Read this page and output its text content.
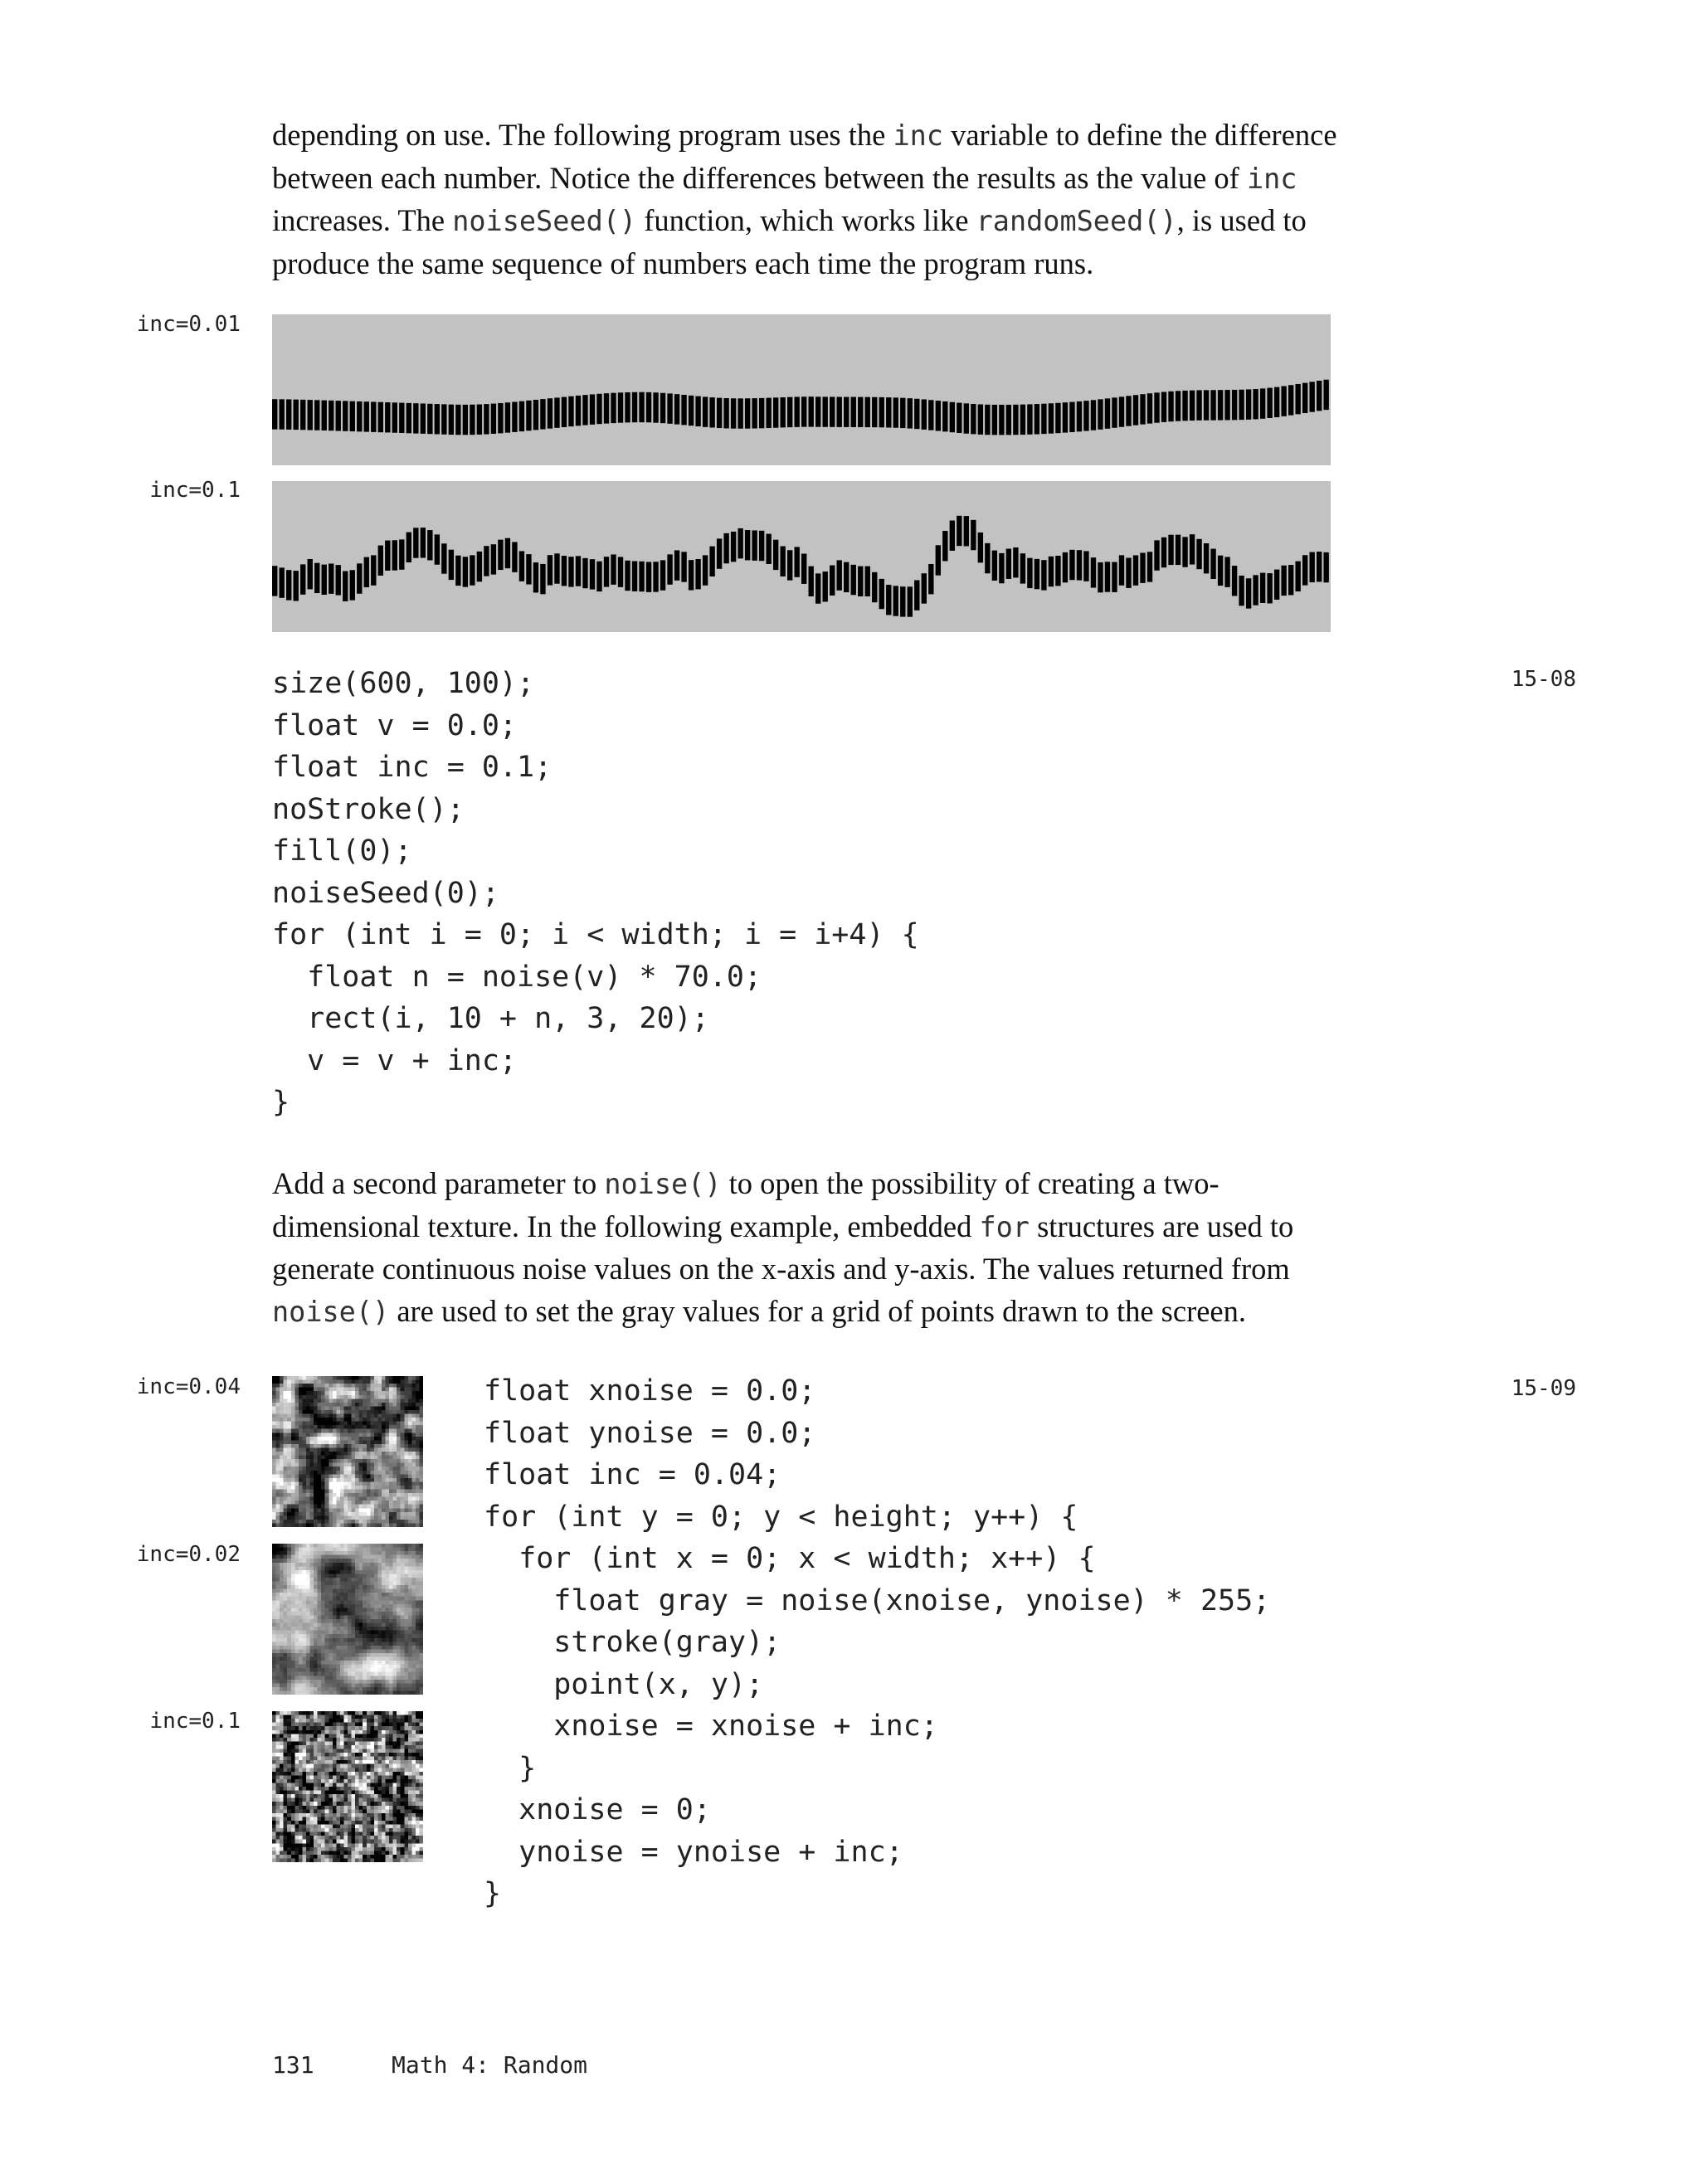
depending on use. The following program uses the inc variable to define the difference
between each number. Notice the differences between the results as the value of inc
increases. The noiseSeed() function, which works like randomSeed(), is used to
produce the same sequence of numbers each time the program runs.

inc=0.01
inc=0.1
15-08
size(600, 100);
float v = 0.0;
float inc = 0.1;
noStroke();
fill(0);
noiseSeed(0);
for (int i = 0; i < width; i = i+4) {
float n = noise(v) * 70.0;
rect(i, 10 + n, 3, 20);
v = v + inc;
}

Add a second parameter to noise() to open the possibility of creating a two-
dimensional texture. In the following example, embedded for structures are used to
generate continuous noise values on the x-axis and y-axis. The values returned from
noise() are used to set the gray values for a grid of points drawn to the screen.

inc=0.04
inc=0.02
inc=0.1
15-09
float xnoise = 0.0;
float ynoise = 0.0;
float inc = 0.04;
for (int y = 0; y < height; y++) {
for (int x = 0; x < width; x++) {
float gray = noise(xnoise, ynoise) * 255;
stroke(gray);
point(x, y);
xnoise = xnoise + inc;
}
xnoise = 0;
ynoise = ynoise + inc;
}
131	Math 4: Random
